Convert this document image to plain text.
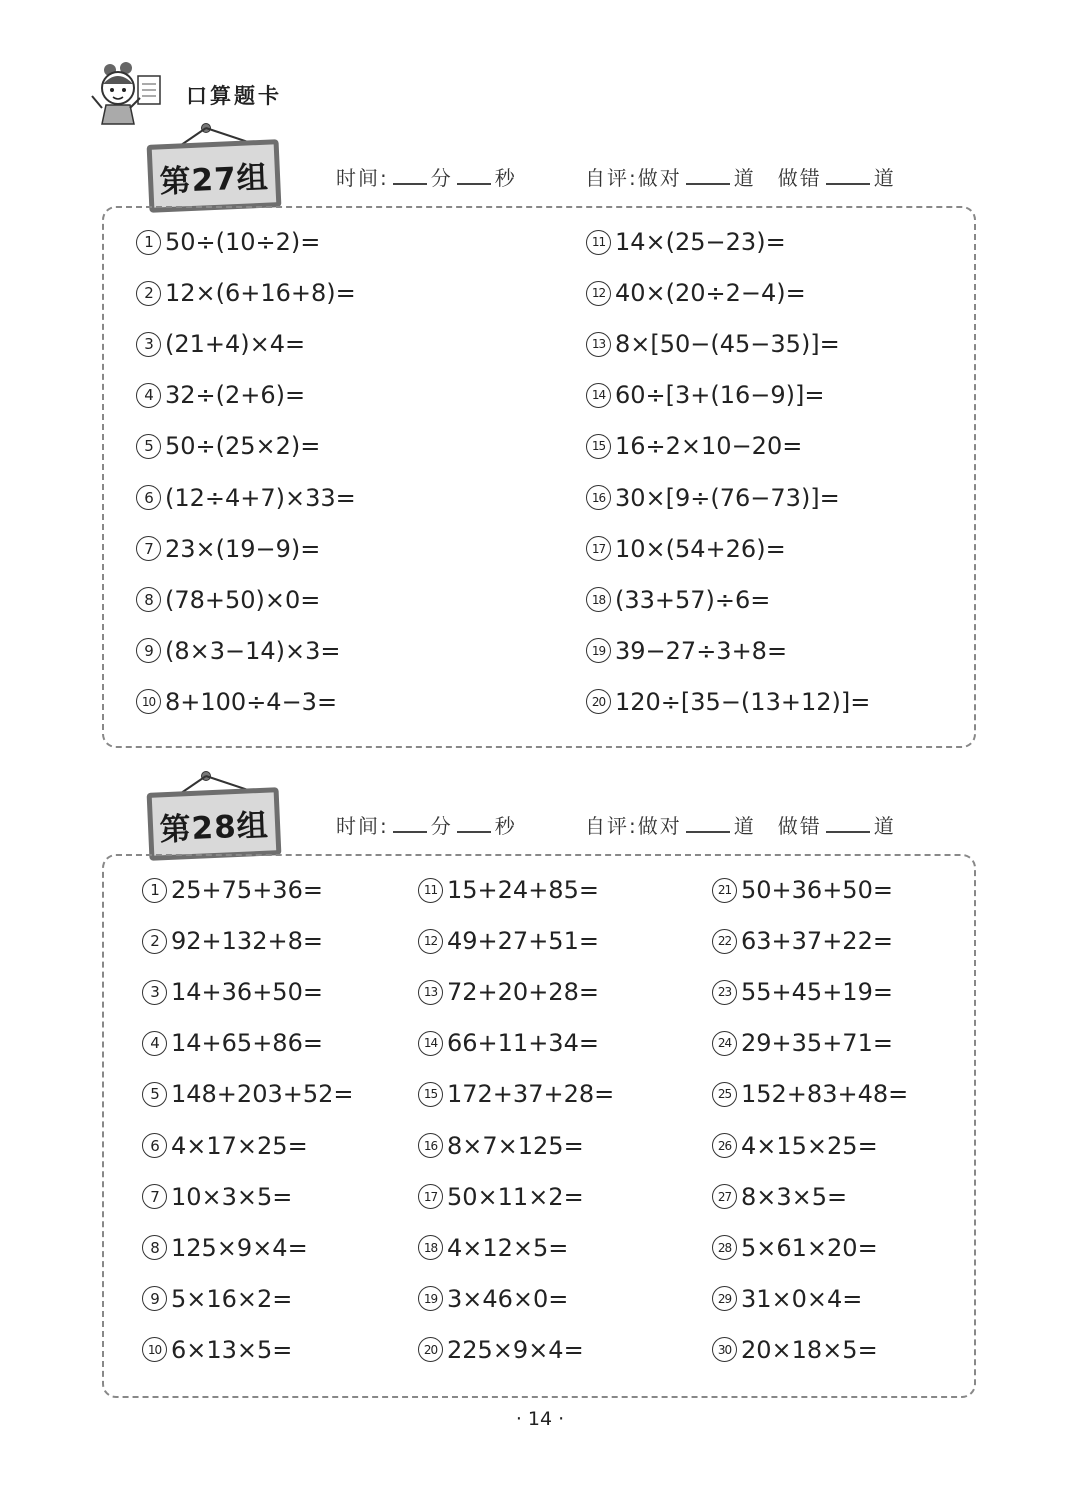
口算题卡
第27组	时间: 分 秒	自评:做对	道 做错	道
1 50÷(10÷2)=
2 12×(6+16+8)=
3 (21+4)×4=
4 32÷(2+6)=
5 50÷(25×2)=
6 (12÷4+7)×33=
7 23×(19−9)=
8 (78+50)×0=
9 (8×3−14)×3=
10 8+100÷4−3=
11 14×(25−23)=
12 40×(20÷2−4)=
13 8×[50−(45−35)]=
14 60÷[3+(16−9)]=
15 16÷2×10−20=
16 30×[9÷(76−73)]=
17 10×(54+26)=
18 (33+57)÷6=
19 39−27÷3+8=
20 120÷[35−(13+12)]=
第28组	时间: 分 秒	自评:做对	道 做错	道
1 25+75+36=
2 92+132+8=
3 14+36+50=
4 14+65+86=
5 148+203+52=
6 4×17×25=
7 10×3×5=
8 125×9×4=
9 5×16×2=
10 6×13×5=
11 15+24+85=
12 49+27+51=
13 72+20+28=
14 66+11+34=
15 172+37+28=
16 8×7×125=
17 50×11×2=
18 4×12×5=
19 3×46×0=
20 225×9×4=
21 50+36+50=
22 63+37+22=
23 55+45+19=
24 29+35+71=
25 152+83+48=
26 4×15×25=
27 8×3×5=
28 5×61×20=
29 31×0×4=
30 20×18×5=
· 14 ·
